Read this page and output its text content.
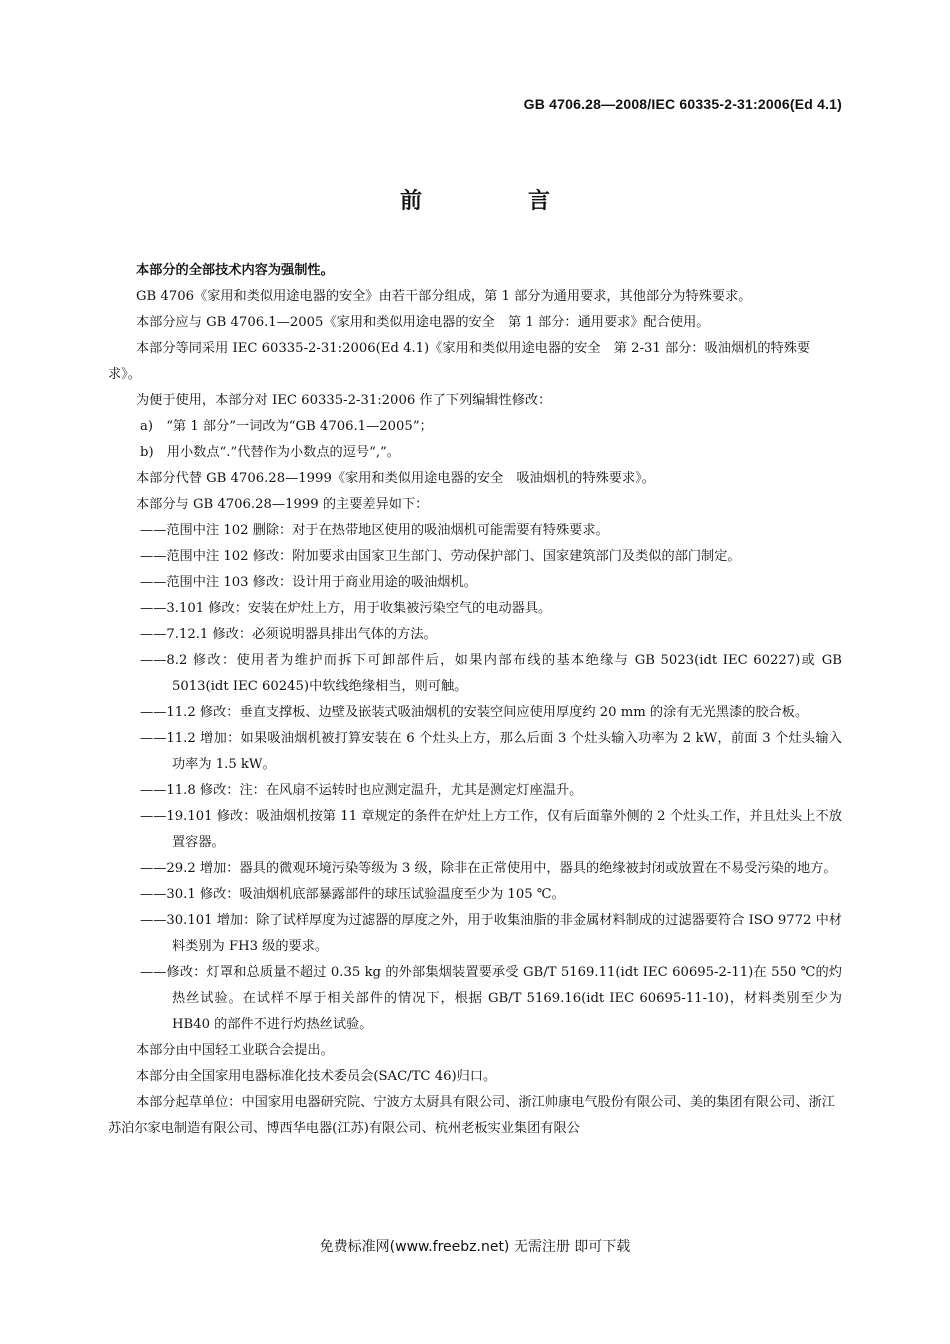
GB 4706.28—2008/IEC 60335-2-31:2006(Ed 4.1)
前　言

本部分的全部技术内容为强制性。

GB 4706《家用和类似用途电器的安全》由若干部分组成，第 1 部分为通用要求，其他部分为特殊要求。

本部分应与 GB 4706.1—2005《家用和类似用途电器的安全　第 1 部分：通用要求》配合使用。

本部分等同采用 IEC 60335-2-31:2006(Ed 4.1)《家用和类似用途电器的安全　第 2-31 部分：吸油烟机的特殊要求》。

为便于使用，本部分对 IEC 60335-2-31:2006 作了下列编辑性修改：

a)　“第 1 部分”一词改为“GB 4706.1—2005”；

b)　用小数点“.”代替作为小数点的逗号“,”。

本部分代替 GB 4706.28—1999《家用和类似用途电器的安全　吸油烟机的特殊要求》。

本部分与 GB 4706.28—1999 的主要差异如下：

——范围中注 102 删除：对于在热带地区使用的吸油烟机可能需要有特殊要求。

——范围中注 102 修改：附加要求由国家卫生部门、劳动保护部门、国家建筑部门及类似的部门制定。

——范围中注 103 修改：设计用于商业用途的吸油烟机。

——3.101 修改：安装在炉灶上方，用于收集被污染空气的电动器具。

——7.12.1 修改：必须说明器具排出气体的方法。

——8.2 修改：使用者为维护而拆下可卸部件后，如果内部布线的基本绝缘与 GB 5023(idt IEC 60227)或 GB 5013(idt IEC 60245)中软线绝缘相当，则可触。

——11.2 修改：垂直支撑板、边壁及嵌装式吸油烟机的安装空间应使用厚度约 20 mm 的涂有无光黑漆的胶合板。

——11.2 增加：如果吸油烟机被打算安装在 6 个灶头上方，那么后面 3 个灶头输入功率为 2 kW，前面 3 个灶头输入功率为 1.5 kW。

——11.8 修改：注：在风扇不运转时也应测定温升，尤其是测定灯座温升。

——19.101 修改：吸油烟机按第 11 章规定的条件在炉灶上方工作，仅有后面靠外侧的 2 个灶头工作，并且灶头上不放置容器。

——29.2 增加：器具的微观环境污染等级为 3 级，除非在正常使用中，器具的绝缘被封闭或放置在不易受污染的地方。

——30.1 修改：吸油烟机底部暴露部件的球压试验温度至少为 105 ℃。

——30.101 增加：除了试样厚度为过滤器的厚度之外，用于收集油脂的非金属材料制成的过滤器要符合 ISO 9772 中材料类别为 FH3 级的要求。

——修改：灯罩和总质量不超过 0.35 kg 的外部集烟装置要承受 GB/T 5169.11(idt IEC 60695-2-11)在 550 ℃的灼热丝试验。在试样不厚于相关部件的情况下，根据 GB/T 5169.16(idt IEC 60695-11-10)，材料类别至少为 HB40 的部件不进行灼热丝试验。

本部分由中国轻工业联合会提出。

本部分由全国家用电器标准化技术委员会(SAC/TC 46)归口。

本部分起草单位：中国家用电器研究院、宁波方太厨具有限公司、浙江帅康电气股份有限公司、美的集团有限公司、浙江苏泊尔家电制造有限公司、博西华电器(江苏)有限公司、杭州老板实业集团有限公

免费标准网(www.freebz.net) 无需注册 即可下载
